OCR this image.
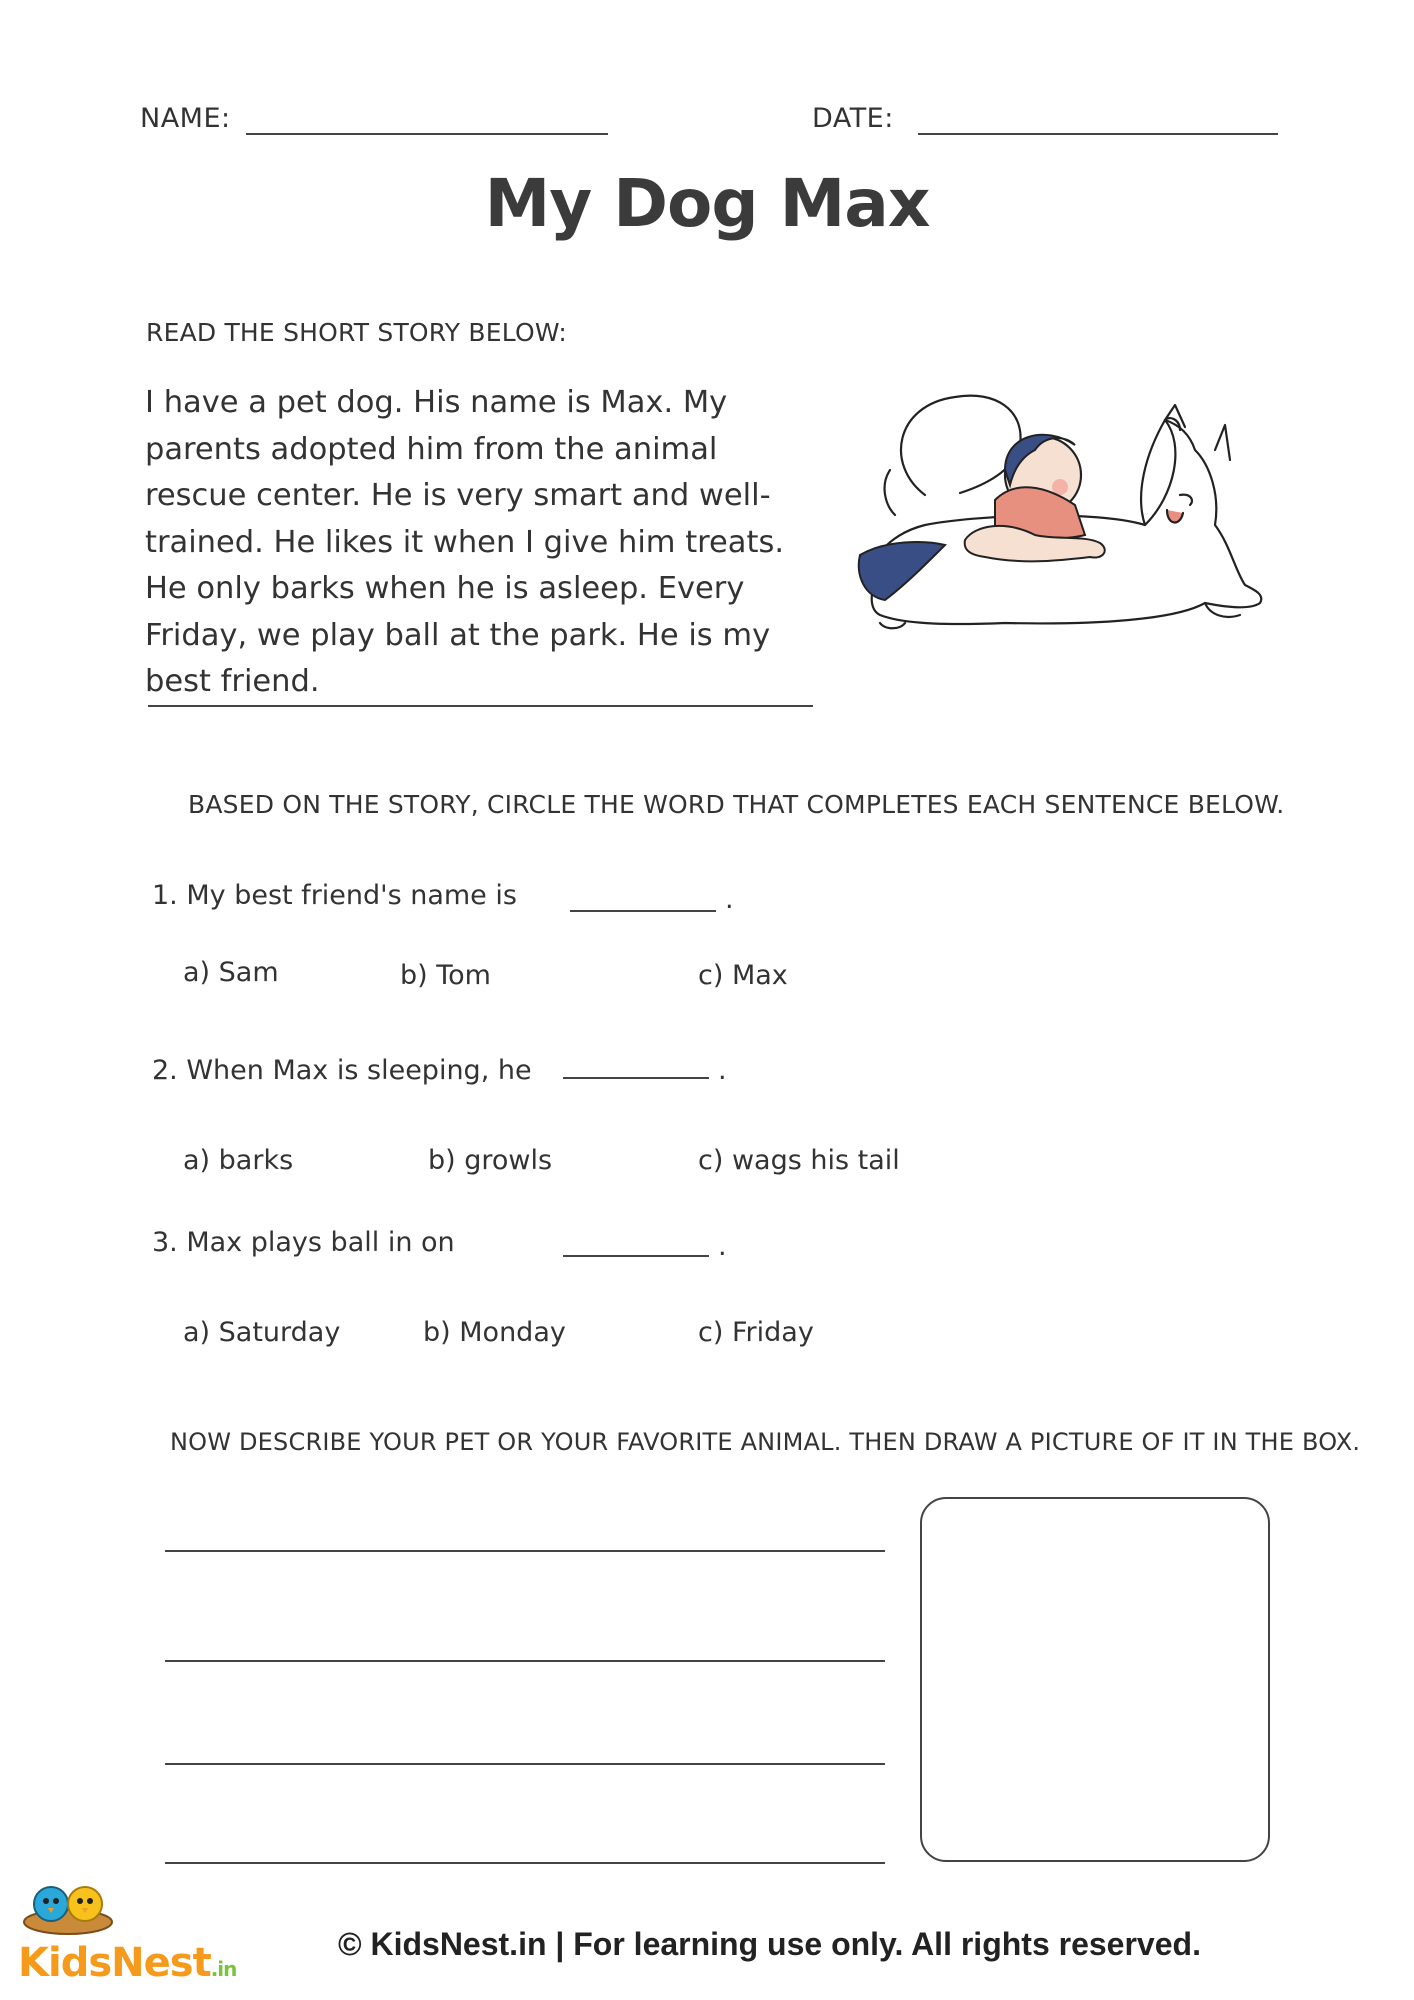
NAME:	DATE:
My Dog Max
READ THE SHORT STORY BELOW:
I have a pet dog. His name is Max. My parents adopted him from the animal rescue center. He is very smart and well-trained. He likes it when I give him treats. He only barks when he is asleep. Every Friday, we play ball at the park. He is my best friend.
BASED ON THE STORY, CIRCLE THE WORD THAT COMPLETES EACH SENTENCE BELOW.
1. My best friend's name is	.
a) Sam	b) Tom	c) Max
2. When Max is sleeping, he	.
a) barks	b) growls	c) wags his tail
3. Max plays ball in on	.
a) Saturday	b) Monday	c) Friday
NOW DESCRIBE YOUR PET OR YOUR FAVORITE ANIMAL. THEN DRAW A PICTURE OF IT IN THE BOX.
KidsNest.in
© KidsNest.in | For learning use only. All rights reserved.
